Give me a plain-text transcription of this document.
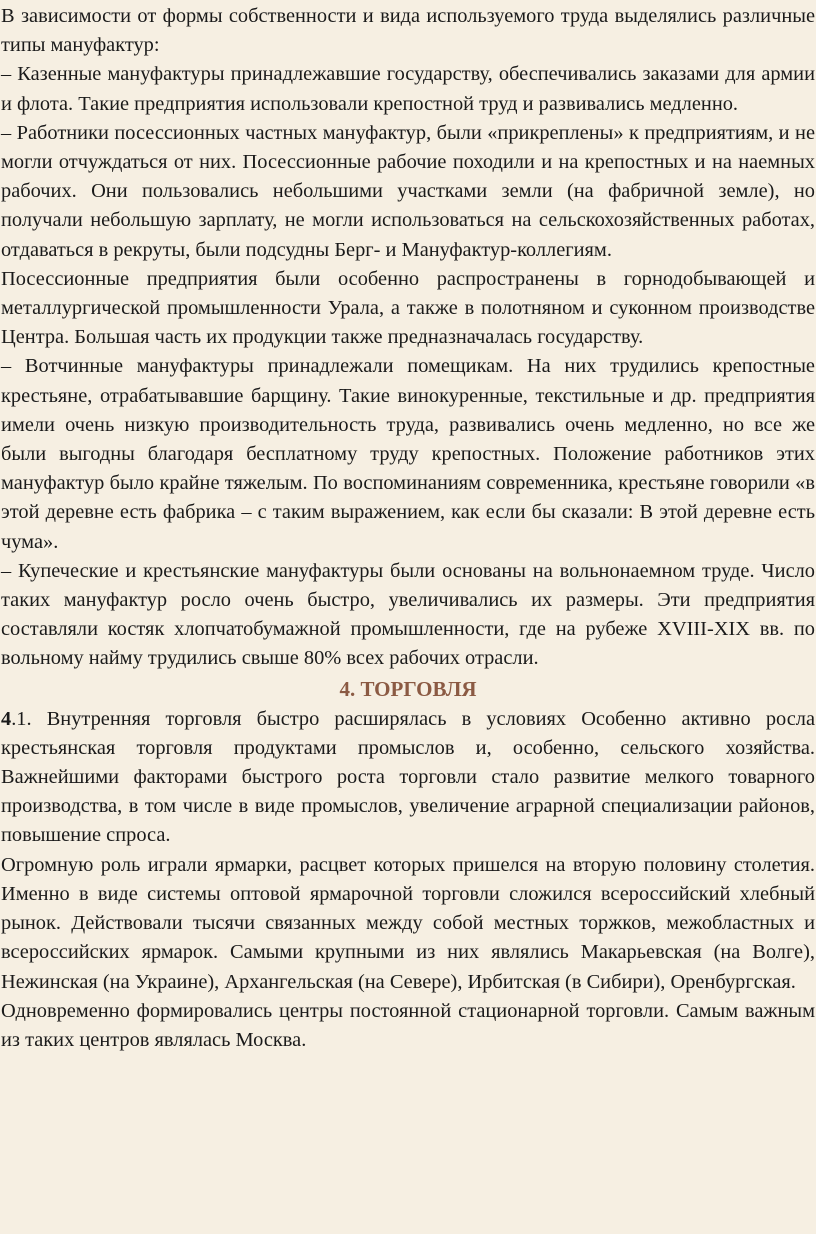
В зависимости от формы собственности и вида используемого труда выделялись различные типы мануфактур:

– Казенные мануфактуры принадлежавшие государству, обеспечивались заказами для армии и флота. Такие предприятия использовали крепостной труд и развивались медленно.

– Работники посессионных частных мануфактур, были «прикреплены» к предприятиям, и не могли отчуждаться от них. Посессионные рабочие походили и на крепостных и на наемных рабочих. Они пользовались небольшими участками земли (на фабричной земле), но получали небольшую зарплату, не могли использоваться на сельскохозяйственных работах, отдаваться в рекруты, были подсудны Берг- и Мануфактур-коллегиям.

Посессионные предприятия были особенно распространены в горнодобывающей и металлургической промышленности Урала, а также в полотняном и суконном производстве Центра. Большая часть их продукции также предназначалась государству.

– Вотчинные мануфактуры принадлежали помещикам. На них трудились крепостные крестьяне, отрабатывавшие барщину. Такие винокуренные, текстильные и др. предприятия имели очень низкую производительность труда, развивались очень медленно, но все же были выгодны благодаря бесплатному труду крепостных. Положение работников этих мануфактур было крайне тяжелым. По воспоминаниям современника, крестьяне говорили «в этой деревне есть фабрика – с таким выражением, как если бы сказали: В этой деревне есть чума».

– Купеческие и крестьянские мануфактуры были основаны на вольнонаемном труде. Число таких мануфактур росло очень быстро, увеличивались их размеры. Эти предприятия составляли костяк хлопчатобумажной промышленности, где на рубеже XVIII-XIX вв. по вольному найму трудились свыше 80% всех рабочих отрасли.

4. ТОРГОВЛЯ

4.1. Внутренняя торговля быстро расширялась в условиях Особенно активно росла крестьянская торговля продуктами промыслов и, особенно, сельского хозяйства. Важнейшими факторами быстрого роста торговли стало развитие мелкого товарного производства, в том числе в виде промыслов, увеличение аграрной специализации районов, повышение спроса.

Огромную роль играли ярмарки, расцвет которых пришелся на вторую половину столетия. Именно в виде системы оптовой ярмарочной торговли сложился всероссийский хлебный рынок. Действовали тысячи связанных между собой местных торжков, межобластных и всероссийских ярмарок. Самыми крупными из них являлись Макарьевская (на Волге), Нежинская (на Украине), Архангельская (на Севере), Ирбитская (в Сибири), Оренбургская.

Одновременно формировались центры постоянной стационарной торговли. Самым важным из таких центров являлась Москва.
